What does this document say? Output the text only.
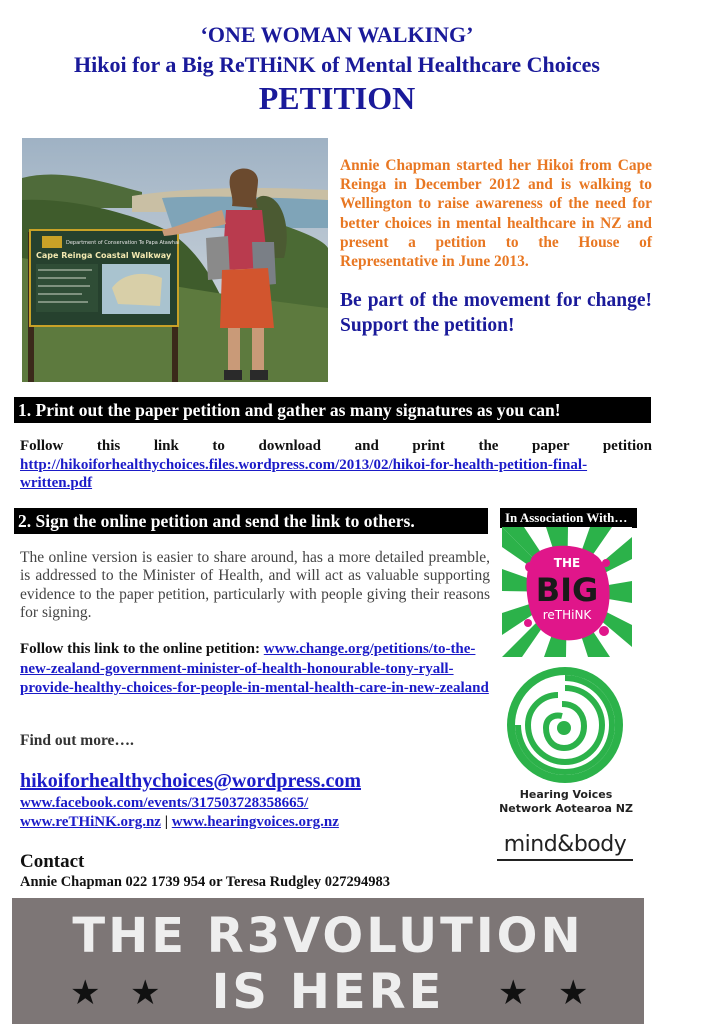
‘ONE WOMAN WALKING’
Hikoi for a Big ReTHiNK of Mental Healthcare Choices
PETITION
Department of Conservation Te Papa Atawhai
Cape Reinga Coastal Walkway
Annie Chapman started her Hikoi from Cape Reinga in December 2012 and is walking to Wellington to raise awareness of the need for better choices in mental healthcare in NZ and present a petition to the House of Representative in June 2013.
Be part of the movement for change! Support the petition!
1. Print out the paper petition and gather as many signatures as you can!
Follow this link to download and print the paper petition
http://hikoiforhealthychoices.files.wordpress.com/2013/02/hikoi-for-health-petition-final-written.pdf
2. Sign the online petition and send the link to others.	In Association With…
The online version is easier to share around, has a more detailed preamble, is addressed to the Minister of Health, and will act as valuable supporting evidence to the paper petition, particularly with people giving their reasons for signing.
Follow this link to the online petition: www.change.org/petitions/to-the-new-zealand-government-minister-of-health-honourable-tony-ryall-provide-healthy-choices-for-people-in-mental-health-care-in-new-zealand
Find out more….
hikoiforhealthychoices@wordpress.com
www.facebook.com/events/317503728358665/
www.reTHiNK.org.nz | www.hearingvoices.org.nz
Contact
Annie Chapman 022 1739 954 or Teresa Rudgley 027294983
THE
BIG
reTHiNK
Hearing Voices Network Aotearoa NZ
mind&body
THE R3VOLUTION
IS HERE
★ ★	★ ★
